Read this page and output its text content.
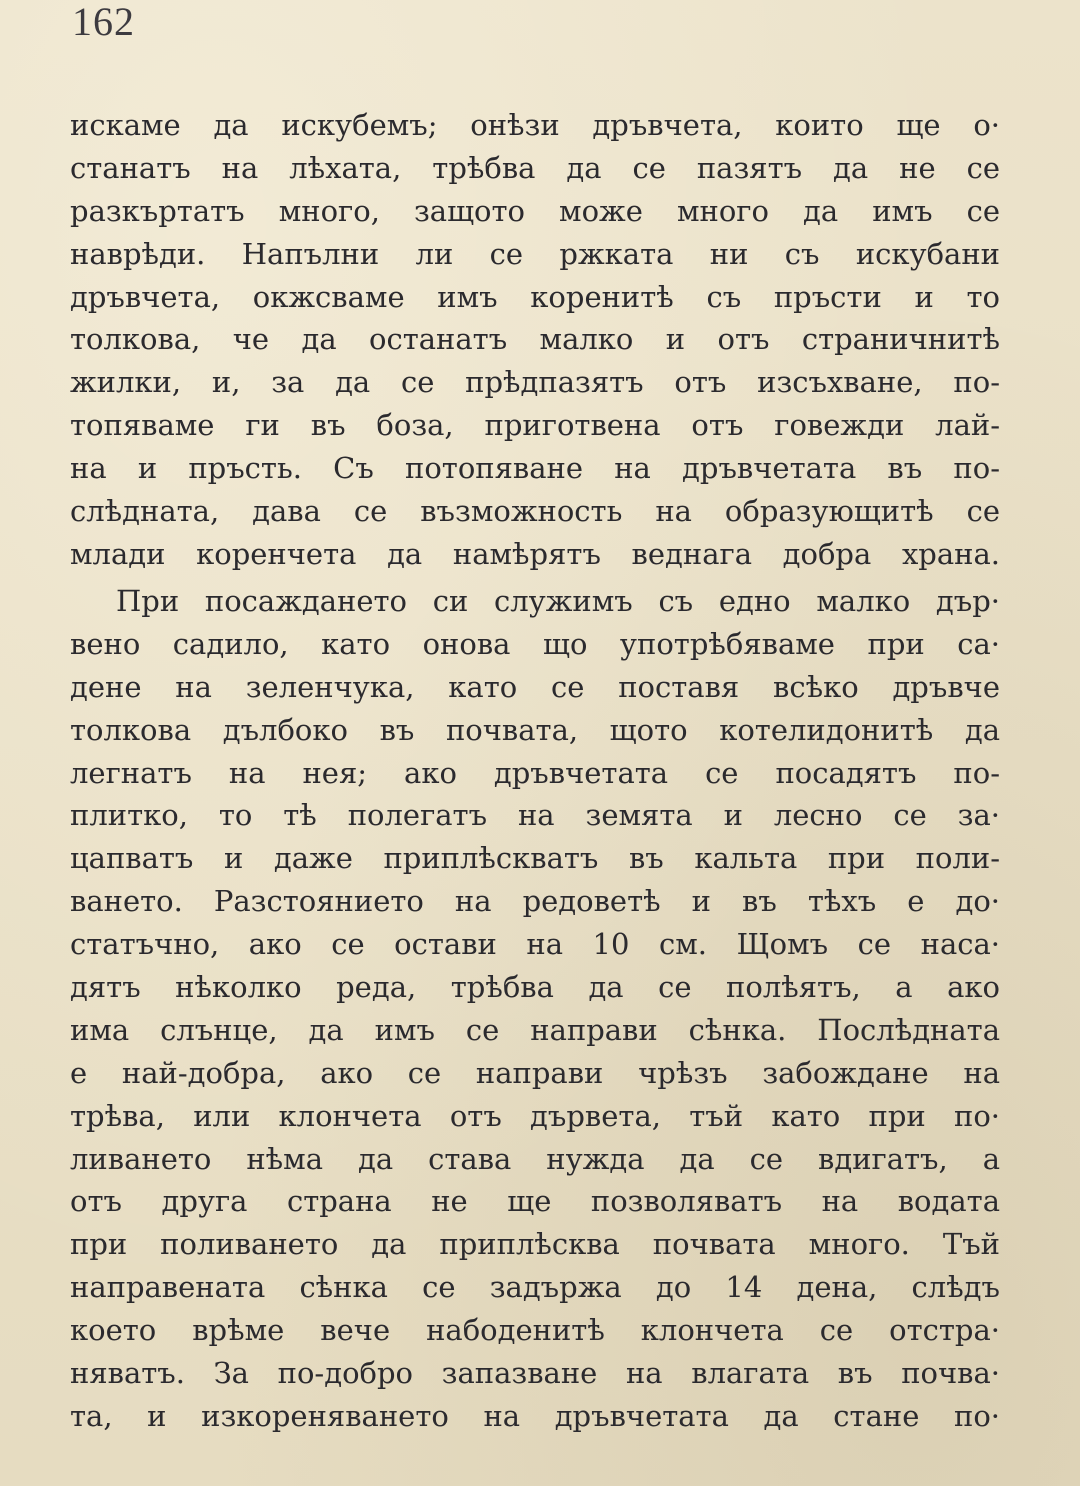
162
искаме да искубемъ; онѣзи дръвчета, които ще о·
станатъ на лѣхата, трѣбва да се пазятъ да не се
разкъртатъ много, защото може много да имъ се
наврѣди. Напълни ли се ржката ни съ искубани
дръвчета, окжсваме имъ коренитѣ съ пръсти и то
толкова, че да останатъ малко и отъ страничнитѣ
жилки, и, за да се прѣдпазятъ отъ изсъхване, по-
топяваме ги въ боза, приготвена отъ говежди лай-
на и пръсть. Съ потопяване на дръвчетата въ по-
слѣдната, дава се възможность на образующитѣ се
млади коренчета да намѣрятъ веднага добра храна.
При посаждането си служимъ съ едно малко дър·
вено садило, като онова що употрѣбяваме при са·
дене на зеленчука, като се поставя всѣко дръвче
толкова дълбоко въ почвата, щото котелидонитѣ да
легнатъ на нея; ако дръвчетата се посадятъ по-
плитко, то тѣ полегатъ на земята и лесно се за·
цапватъ и даже приплѣскватъ въ кальта при поли-
ването. Разстоянието на редоветѣ и въ тѣхъ е до·
статъчно, ако се остави на 10 см. Щомъ се наса·
дятъ нѣколко реда, трѣбва да се полѣятъ, а ако
има слънце, да имъ се направи сѣнка. Послѣдната
е най-добра, ако се направи чрѣзъ забождане на
трѣва, или клончета отъ дървета, тъй като при по·
ливането нѣма да става нужда да се вдигатъ, а
отъ друга страна не ще позволяватъ на водата
при поливането да приплѣсква почвата много. Тъй
направената сѣнка се задържа до 14 дена, слѣдъ
което врѣме вече набоденитѣ клончета се отстра·
няватъ. За по-добро запазване на влагата въ почва·
та, и изкореняването на дръвчетата да стане по·
